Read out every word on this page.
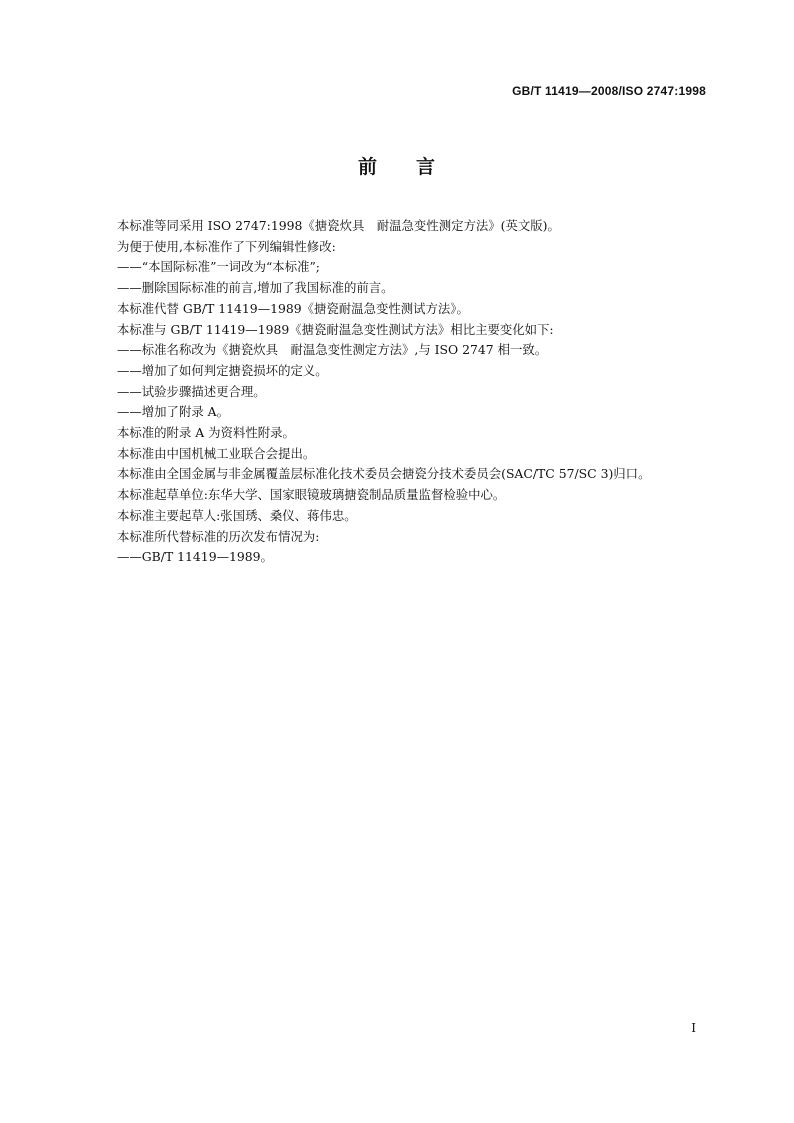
GB/T 11419—2008/ISO 2747:1998
前 言

本标准等同采用 ISO 2747:1998《搪瓷炊具　耐温急变性测定方法》(英文版)。

为便于使用,本标准作了下列编辑性修改:

——“本国际标准”一词改为“本标准”;

——删除国际标准的前言,增加了我国标准的前言。

本标准代替 GB/T 11419—1989《搪瓷耐温急变性测试方法》。

本标准与 GB/T 11419—1989《搪瓷耐温急变性测试方法》相比主要变化如下:

——标准名称改为《搪瓷炊具　耐温急变性测定方法》,与 ISO 2747 相一致。

——增加了如何判定搪瓷损坏的定义。

——试验步骤描述更合理。

——增加了附录 A。

本标准的附录 A 为资料性附录。

本标准由中国机械工业联合会提出。

本标准由全国金属与非金属覆盖层标准化技术委员会搪瓷分技术委员会(SAC/TC 57/SC 3)归口。

本标准起草单位:东华大学、国家眼镜玻璃搪瓷制品质量监督检验中心。

本标准主要起草人:张国琇、桑仪、蒋伟忠。

本标准所代替标准的历次发布情况为:

——GB/T 11419—1989。

I
